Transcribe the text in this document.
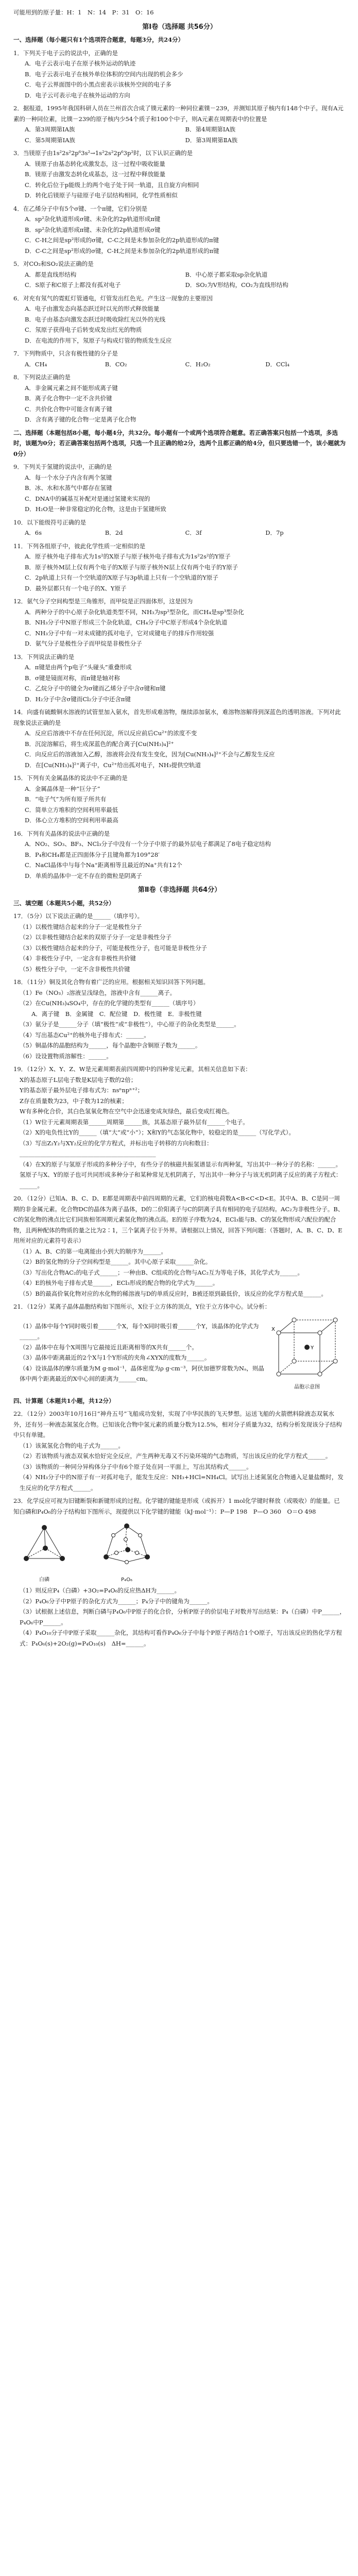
可能用到的原子量：H：1　N：14　P：31　O：16
第Ⅰ卷（选择题 共56分）
一、选择题（每小题只有1个选项符合题意，每题3分，共24分）
1．下列关于电子云的说法中，正确的是
A．电子云表示电子在原子核外运动的轨迹
B．电子云表示电子在核外单位体积的空间内出现的机会多少
C．电子云界面图中的小黑点密表示该核外空间的电子多
D．电子云可表示电子在核外运动的方向
2．据报道，1995年我国科研人员在兰州首次合成了镤元素的一种同位素镤－239，并测知其原子核内有148个中子。现有A元素的一种同位素，比镤－239的原子核内少54个质子和100个中子，则A元素在周期表中的位置是
A．第3周期第ⅠA族	B．第4周期第ⅠA族
C．第5周期第ⅠA族	D．第3周期第ⅡA族
3．当镁原子由1s²2s²2p⁶3s²→1s²2s²2p⁶3p²时，以下认识正确的是
A．镁原子由基态转化成激发态，这一过程中吸收能量
B．镁原子由激发态转化成基态，这一过程中释放能量
C．转化后位于p能级上的两个电子处于同一轨道，且自旋方向相同
D．转化后镁原子与硅原子电子层结构相同，化学性质相似
4．在乙烯分子中有5个σ键、一个π键，它们分别是
A．sp²杂化轨道形成σ键、未杂化的2p轨道形成π键
B．sp²杂化轨道形成π键、未杂化的2p轨道形成σ键
C．C-H之间是sp²形成的σ键，C-C之间是未参加杂化的2p轨道形成的π键
D．C-C之间是sp²形成的σ键，C-H之间是未参加杂化的2p轨道形成的π键
5．对CO₂和SO₂说法正确的是
A．都是直线形结构	B．中心原子都采取sp杂化轨道
C．S原子和C原子上都没有孤对电子	D．SO₂为V形结构，CO₂为直线形结构
6．对充有氖气的霓虹灯管通电，灯管发出红色光。产生这一现象的主要原因
A．电子由激发态向基态跃迁时以光的形式释放能量
B．电子由基态向激发态跃迁时吸收除红光以外的光线
C．氖原子获得电子后转变成发出红光的物质
D．在电流的作用下，氖原子与构成灯管的物质发生反应
7．下列物质中，只含有极性键的分子是
A．CH₄	B．CO₂	C．H₂O₂	D．CCl₄
8．下列说法正确的是
A．非金属元素之间不能形成离子键
B．离子化合物中一定不含共价键
C．共价化合物中可能含有离子键
D．含有离子键的化合物一定是离子化合物
二、选择题（本题包括8小题，每小题4分，共32分。每小题有一个或两个选项符合题意。若正确答案只包括一个选项，多选时，该题为0分；若正确答案包括两个选项，只选一个且正确的给2分，选两个且都正确的给4分，但只要选错一个，该小题就为0分）
9．下列关于氢键的说法中，正确的是
A．每一个水分子内含有两个氢键
B．冰、水和水蒸气中都存在氢键
C．DNA中的碱基互补配对是通过氢键来实现的
D．H₂O是一种非常稳定的化合物，这是由于氢键所致
10．以下能级符号正确的是
A．6s	B．2d	C．3f	D．7p
11．下列各组原子中，彼此化学性质一定相似的是
A．原子核外电子排布式为1s²的X原子与原子核外电子排布式为1s²2s²的Y原子
B．原子核外M层上仅有两个电子的X原子与原子核外N层上仅有两个电子的Y原子
C．2p轨道上只有一个空轨道的X原子与3p轨道上只有一个空轨道的Y原子
D．最外层都只有一个电子的X、Y原子
12．氨气分子空间构型是三角锥形，而甲烷是正四面体形，这是因为
A．两种分子的中心原子杂化轨道类型不同，NH₃为sp²型杂化，而CH₄是sp³型杂化
B．NH₃分子中N原子形成三个杂化轨道，CH₄分子中C原子形成4个杂化轨道
C．NH₃分子中有一对未成键的孤对电子，它对成键电子的排斥作用较强
D．氨气分子是极性分子而甲烷是非极性分子
13．下列说法正确的是
A．π键是由两个p电子“头碰头”重叠形成
B．σ键是镜面对称，而π键是轴对称
C．乙烷分子中的键全为σ键而乙烯分子中含σ键和π键
D．H₂分子中含σ键而Cl₂分子中还含π键
14．向盛有硫酸铜水溶液的试管里加入氨水，首先形成难溶物，继续添加氨水，难溶物溶解得到深蓝色的透明溶液。下列对此现象说法正确的是
A．反应后溶液中不存在任何沉淀，所以反应前后Cu²⁺的浓度不变
B．沉淀溶解后，将生成深蓝色的配合离子[Cu(NH₃)₄]²⁺
C．向反应后的溶液加入乙醇，溶液将会没有发生变化，因为[Cu(NH₃)₄]²⁺不会与乙醇发生反应
D．在[Cu(NH₃)₄]²⁺离子中，Cu²⁺给出孤对电子，NH₃提供空轨道
15．下列有关金属晶体的说法中不正确的是
A．金属晶体是一种“巨分子”
B．“电子气”为所有原子所共有
C．简单立方堆积的空间利用率最低
D．体心立方堆积的空间利用率最高
16．下列有关晶体的说法中正确的是
A．NO₂、SO₃、BF₃、NCl₃分子中没有一个分子中原子的最外层电子都满足了8电子稳定结构
B．P₄和CH₄都是正四面体分子且键角都为109°28′
C．NaCl晶体中与每个Na⁺距离相等且最近的Na⁺共有12个
D．单质的晶体中一定不存在的微粒是阴离子
第Ⅱ卷（非选择题 共64分）
三、填空题（本题共5小题，共52分）
17．（5分）以下说法正确的是______（填序号）。
（1）以极性键结合起来的分子一定是极性分子
（2）以非极性键结合起来的双原子分子一定是非极性分子
（3）以极性键结合起来的分子，可能是极性分子，也可能是非极性分子
（4）非极性分子中，一定含有非极性共价键
（5）极性分子中，一定不含非极性共价键
18．（11分）铜及其化合物有着广泛的应用。根据相关知识回答下列问题。
（1）Fe（NO₃）₂溶液呈浅绿色，溶液中含有______离子。
（2）在Cu(NH₃)₄SO₄中，存在的化学键的类型有______（填序号）
　　A．离子键　B．金属键　C．配位键　D．极性键　E．非极性键
（3）氨分子是______分子（填“极性”或“非极性”），中心原子的杂化类型是______。
（4）写出基态Cu²⁺的核外电子排布式：______。
（5）铜晶体的晶胞结构为______，每个晶胞中含铜原子数为______。
（6）设设置物质溶解性：______。
19．（12分）X、Y、Z、W是元素周期表前四周期中的四种常见元素，其相关信息如下表：
X的基态原子L层电子数是K层电子数的2倍；
Y的基态原子最外层电子排布式为：nsⁿnpⁿ⁺²；
Z存在质量数为23，中子数为12的核素；
W有多种化合价，其白色氢氧化物在空气中会迅速变成灰绿色，最后变成红褐色。
（1）W位于元素周期表第______周期第______族，其基态原子最外层有______个电子。
（2）X的电负性比Y的______（填“大”或“小”）；X和Y的气态氢化物中，较稳定的是______（写化学式）。
（3）写出Z₂Y₂与XY₂反应的化学方程式，并标出电子转移的方向和数目：
______________________________________________
（4）在X的原子与氢原子形成的多种分子中，有些分子的核磁共振氢谱显示有两种氢，写出其中一种分子的名称：______。氢原子与X、Y的原子也可共同形成多种分子和某种常见无机阴离子，写出其中一种分子与该无机阴离子反应的离子方程式：______。
20．（12分）已知A、B、C、D、E都是周期表中前四周期的元素，它们的核电荷数A<B<C<D<E。其中A、B、C是同一周期的非金属元素。化合物DC的晶体为离子晶体，D的二价阳离子与C的阴离子具有相同的电子层结构。AC₂为非极性分子。B、C的氢化物的沸点比它们同族相邻周期元素氢化物的沸点高。E的原子序数为24，ECl₃能与B、C的氢化物形成六配位的配合物，且两种配体的物质的量之比为2∶1，三个氯离子位于外界。请根据以上情况，回答下列问题：（答题时，A、B、C、D、E用所对应的元素符号表示）
（1）A、B、C的第一电离能由小到大的顺序为______。
（2）B的氢化物的分子空间构型是______。其中心原子采取______杂化。
（3）写出化合物AC₂的电子式______；一种由B、C组成的化合物与AC₂互为等电子体，其化学式为______。
（4）E的核外电子排布式是______，ECl₃形成的配合物的化学式为______。
（5）B的最高价氧化物对应的水化物的稀溶液与D的单质反应时，B被还原到最低价，该反应的化学方程式是______。
21．（12分）某离子晶体晶胞结构如下图所示，X位于立方体的顶点，Y位于立方体中心。试分析：
（1）晶体中每个Y同时吸引着______个X，每个X同时吸引着______个Y，该晶体的化学式为______。
（2）晶体中在每个X周围与它最接近且距离相等的X共有______个。
（3）晶体中距离最近的2个X与1个Y形成的夹角∠XYX的度数为______。
（4）设该晶体的摩尔质量为M g·mol⁻¹，晶体密度为ρ g·cm⁻³，阿伏加德罗常数为Nₐ，则晶体中两个距离最近的X中心间的距离为______cm。
X
Y
晶胞示意图
四、计算题（本题共1小题，共12分）
22．（12分）2003年10月16日“神舟五号”飞船成功发射，实现了中华民族的飞天梦想。运送飞船的火箭燃料除液态双氧水外，还有另一种液态氮氢化合物。已知该化合物中氢元素的质量分数为12.5%，相对分子质量为32，结构分析发现该分子结构中只有单键。
（1）该氮氢化合物的电子式为______。
（2）若该物质与液态双氧水恰好完全反应，产生两种无毒又不污染环境的气态物质，写出该反应的化学方程式______。
（3）该物质的一种同分异构体分子中有6个原子处在同一平面上，写出其结构式______。
（4）NH₃分子中的N原子有一对孤对电子，能发生反应：NH₃+HCl=NH₄Cl。试写出上述氮氢化合物通入足量盐酸时，发生反应的化学方程式______。
23．化学反应可视为旧键断裂和新键形成的过程。化学键的键能是形成（或拆开）1 mol化学键时释放（或吸收）的能量。已知白磷和P₄O₆的分子结构如下图所示，现提供以下化学键的键能（kJ·mol⁻¹）：P—P 198　P—O 360　O＝O 498
白磷	P₄O₆
（1）则反应P₄（白磷）+3O₂=P₄O₆的反应热ΔH为______。
（2）P₄O₆分子中P原子的杂化方式为______；P₄分子中的键角为______。
（3）试根据上述信息，判断白磷与P₄O₆中P原子的化合价，分析P原子的价层电子对数并写出结果：P₄（白磷）中P______，P₄O₆中P______。
（4）P₄O₁₀分子中P原子采取______杂化，其结构可看作P₄O₆分子中每个P原子再结合1个O原子，写出该反应的热化学方程式：P₄O₆(s)+2O₂(g)=P₄O₁₀(s)　ΔH=______。
